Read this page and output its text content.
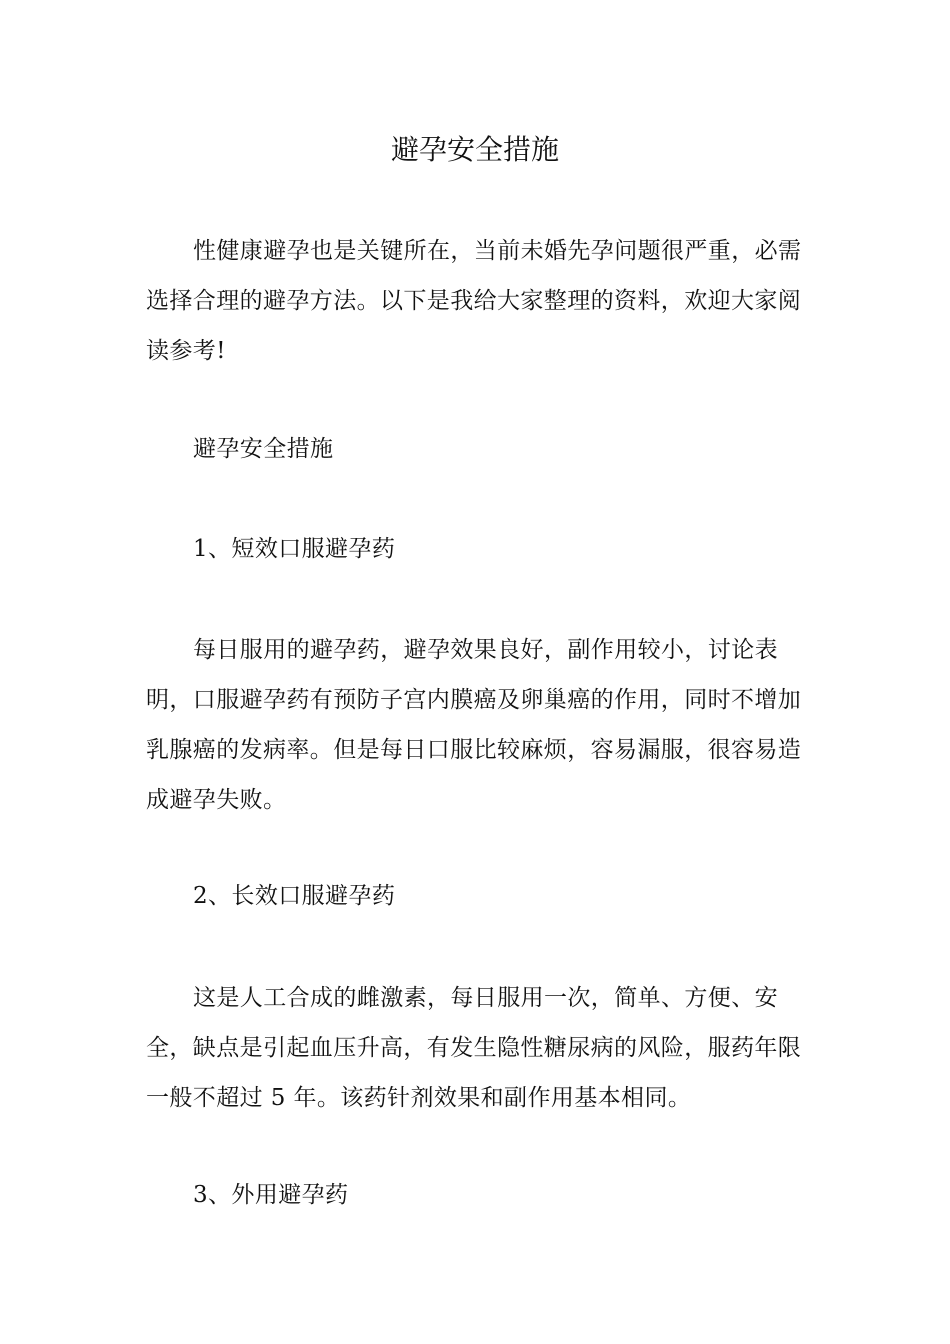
避孕安全措施

性健康避孕也是关键所在，当前未婚先孕问题很严重，必需选择合理的避孕方法。以下是我给大家整理的资料，欢迎大家阅读参考!

避孕安全措施

1、短效口服避孕药

每日服用的避孕药，避孕效果良好，副作用较小，讨论表明，口服避孕药有预防子宫内膜癌及卵巢癌的作用，同时不增加乳腺癌的发病率。但是每日口服比较麻烦，容易漏服，很容易造成避孕失败。

2、长效口服避孕药

这是人工合成的雌激素，每日服用一次，简单、方便、安全，缺点是引起血压升高，有发生隐性糖尿病的风险，服药年限一般不超过 5 年。该药针剂效果和副作用基本相同。

3、外用避孕药
